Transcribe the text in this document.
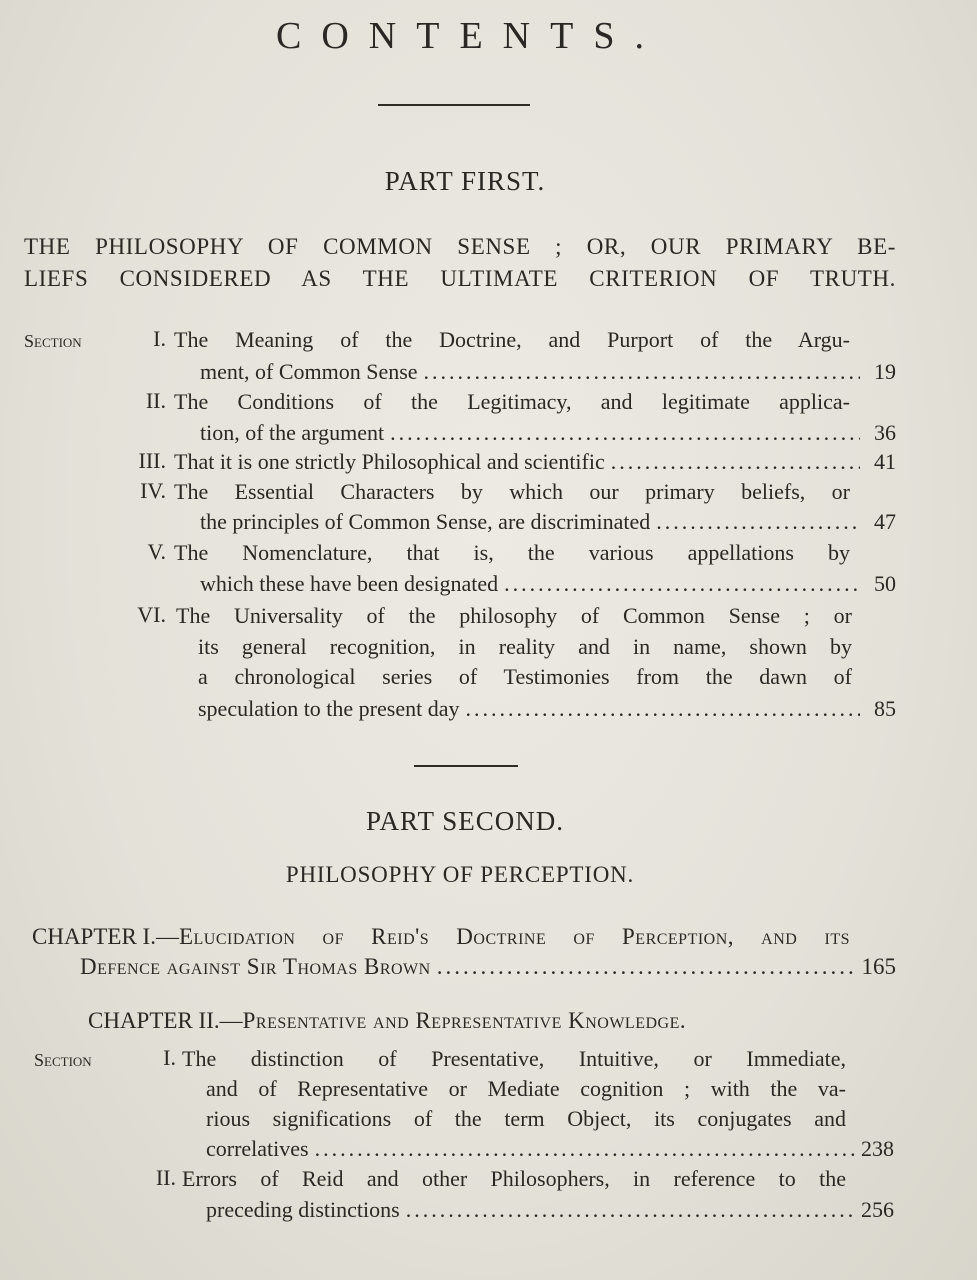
CONTENTS.
PART FIRST.

THE PHILOSOPHY OF COMMON SENSE ; OR, OUR PRIMARY BE-

LIEFS CONSIDERED AS THE ULTIMATE CRITERION OF TRUTH.

Section	I. The Meaning of the Doctrine, and Purport of the Argu-
ment, of Common Sense .....	19
II. The Conditions of the Legitimacy, and legitimate applica-
tion, of the argument .....	36
III. That it is one strictly Philosophical and scientific .....	41
IV. The Essential Characters by which our primary beliefs, or
the principles of Common Sense, are discriminated .....	47
V. The Nomenclature, that is, the various appellations by
which these have been designated .....	50
VI. The Universality of the philosophy of Common Sense ; or
its general recognition, in reality and in name, shown by
a chronological series of Testimonies from the dawn of
speculation to the present day .....	85
PART SECOND.

PHILOSOPHY OF PERCEPTION.

CHAPTER I.— Elucidation of Reid's Doctrine of Perception, and its
Defence against Sir Thomas Brown .....	165
CHAPTER II.— Presentative and Representative Knowledge.
Section	I. The distinction of Presentative, Intuitive, or Immediate,
and of Representative or Mediate cognition ; with the va-
rious significations of the term Object, its conjugates and
correlatives .....	238
II. Errors of Reid and other Philosophers, in reference to the
preceding distinctions .....	256
